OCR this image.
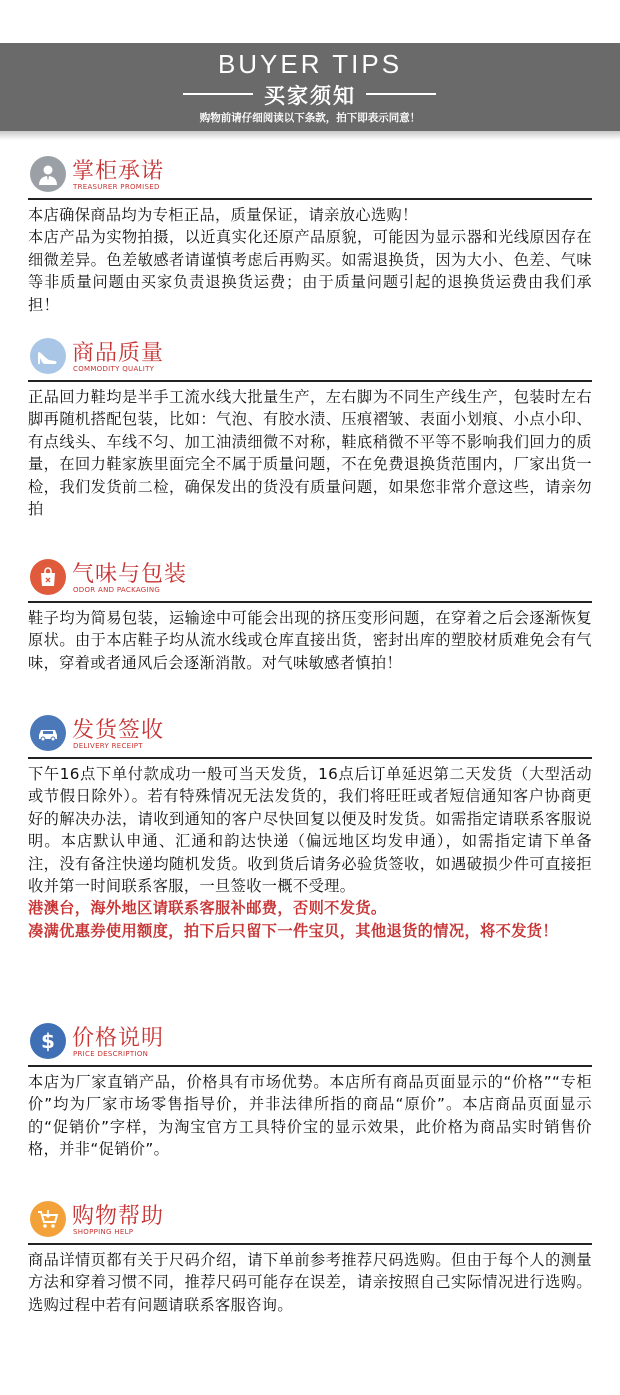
BUYER TIPS
买家须知
购物前请仔细阅读以下条款，拍下即表示同意！
掌柜承诺
TREASURER PROMISED

本店确保商品均为专柜正品，质量保证，请亲放心选购！

本店产品为实物拍摄，以近真实化还原产品原貌，可能因为显示器和光线原因存在细微差异。色差敏感者请谨慎考虑后再购买。如需退换货，因为大小、色差、气味等非质量问题由买家负责退换货运费；由于质量问题引起的退换货运费由我们承担！

商品质量
COMMODITY QUALITY

正品回力鞋均是半手工流水线大批量生产，左右脚为不同生产线生产，包装时左右脚再随机搭配包装，比如：气泡、有胶水渍、压痕褶皱、表面小划痕、小点小印、有点线头、车线不匀、加工油渍细微不对称，鞋底稍微不平等不影响我们回力的质量，在回力鞋家族里面完全不属于质量问题，不在免费退换货范围内，厂家出货一检，我们发货前二检，确保发出的货没有质量问题，如果您非常介意这些，请亲勿拍

气味与包装
ODOR AND PACKAGING

鞋子均为简易包装，运输途中可能会出现的挤压变形问题，在穿着之后会逐渐恢复原状。由于本店鞋子均从流水线或仓库直接出货，密封出库的塑胶材质难免会有气味，穿着或者通风后会逐渐消散。对气味敏感者慎拍！

发货签收
DELIVERY RECEIPT

下午16点下单付款成功一般可当天发货，16点后订单延迟第二天发货（大型活动或节假日除外）。若有特殊情况无法发货的，我们将旺旺或者短信通知客户协商更好的解决办法，请收到通知的客户尽快回复以便及时发货。如需指定请联系客服说明。本店默认申通、汇通和韵达快递（偏远地区均发申通），如需指定请下单备注，没有备注快递均随机发货。收到货后请务必验货签收，如遇破损少件可直接拒收并第一时间联系客服，一旦签收一概不受理。

港澳台，海外地区请联系客服补邮费，否则不发货。

凑满优惠券使用额度，拍下后只留下一件宝贝，其他退货的情况，将不发货！

$ 价格说明
PRICE DESCRIPTION

本店为厂家直销产品，价格具有市场优势。本店所有商品页面显示的“价格”“专柜价”均为厂家市场零售指导价，并非法律所指的商品“原价”。本店商品页面显示的“促销价”字样，为淘宝官方工具特价宝的显示效果，此价格为商品实时销售价格，并非“促销价”。

购物帮助
SHOPPING HELP

商品详情页都有关于尺码介绍，请下单前参考推荐尺码选购。但由于每个人的测量方法和穿着习惯不同，推荐尺码可能存在误差，请亲按照自己实际情况进行选购。选购过程中若有问题请联系客服咨询。
